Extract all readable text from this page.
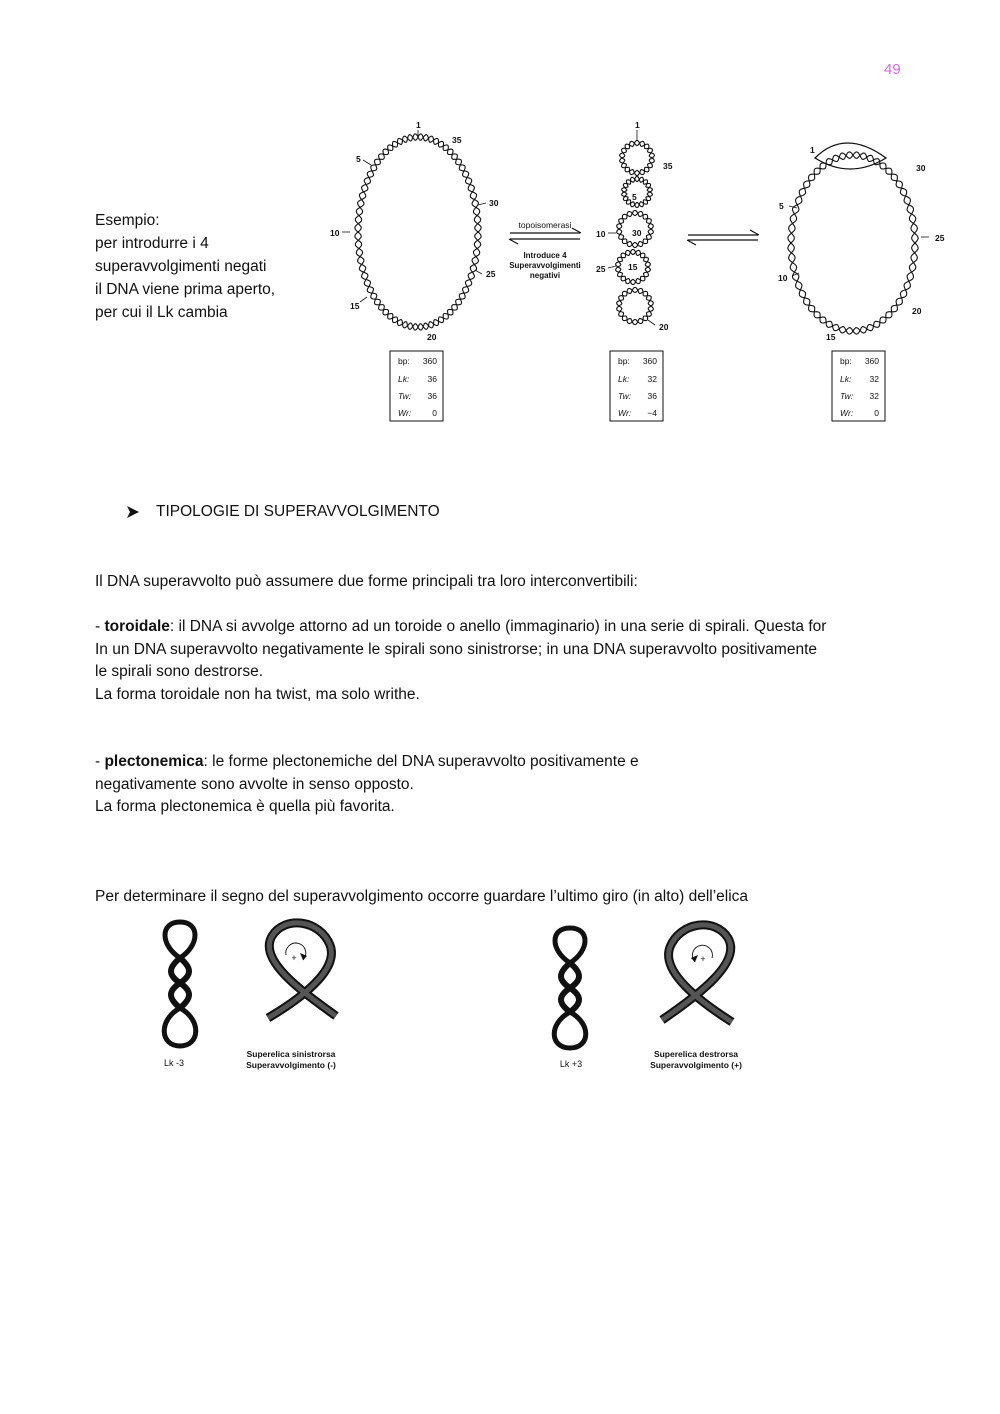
49
Esempio:
per introdurre i 4
superavvolgimenti negati
il DNA viene prima aperto,
per cui il Lk cambia
1
35
5
30
10
25
15
20
topoisomerasi
Introduce 4
Superavvolgimenti
negativi
1
35
5
30
10
25	15
20
1
30
5
25
10
20
15
bp: 360
Lk: 36
Tw: 36
Wr: 0
bp: 360
Lk: 32
Tw: 36
Wr: −4
bp: 360
Lk: 32
Tw: 32
Wr: 0
TIPOLOGIE DI SUPERAVVOLGIMENTO
Il DNA superavvolto può assumere due forme principali tra loro interconvertibili:
- toroidale: il DNA si avvolge attorno ad un toroide o anello (immaginario) in una serie di spirali. Questa for
In un DNA superavvolto negativamente le spirali sono sinistrorse; in una DNA superavvolto positivamente
le spirali sono destrorse.
La forma toroidale non ha twist, ma solo writhe.
- plectonemica: le forme plectonemiche del DNA superavvolto positivamente e
negativamente sono avvolte in senso opposto.
La forma plectonemica è quella più favorita.
Per determinare il segno del superavvolgimento occorre guardare l’ultimo giro (in alto) dell’elica
+
Lk -3
Superelica sinistrorsa
Superavvolgimento (-)
+
Lk +3
Superelica destrorsa
Superavvolgimento (+)
